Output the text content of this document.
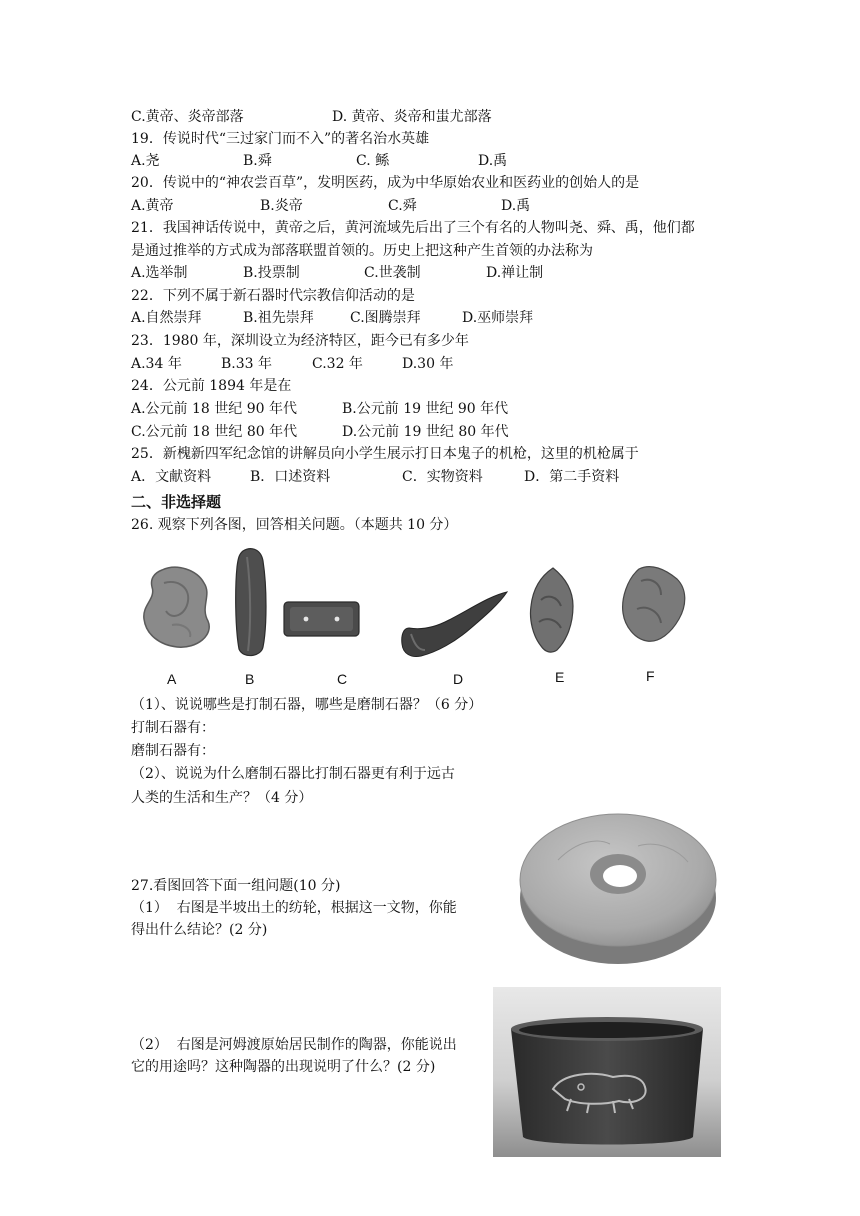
C.黄帝、炎帝部落	D. 黄帝、炎帝和蚩尤部落
19．传说时代“三过家门而不入”的著名治水英雄
A.尧	B.舜	C. 鲧	D.禹
20．传说中的“神农尝百草”，发明医药，成为中华原始农业和医药业的创始人的是
A.黄帝	B.炎帝	C.舜	D.禹
21．我国神话传说中，黄帝之后，黄河流域先后出了三个有名的人物叫尧、舜、禹，他们都
是通过推举的方式成为部落联盟首领的。历史上把这种产生首领的办法称为
A.选举制	B.投票制	C.世袭制	D.禅让制
22．下列不属于新石器时代宗教信仰活动的是
A.自然崇拜	B.祖先崇拜	C.图腾崇拜	D.巫师崇拜
23．1980 年，深圳设立为经济特区，距今已有多少年
A.34 年	B.33 年	C.32 年	D.30 年
24．公元前 1894 年是在
A.公元前 18 世纪 90 年代	B.公元前 19 世纪 90 年代
C.公元前 18 世纪 80 年代	D.公元前 19 世纪 80 年代
25．新槐新四军纪念馆的讲解员向小学生展示打日本鬼子的机枪，这里的机枪属于
A．文献资料	B．口述资料	C．实物资料	D．第二手资料
二、非选择题
26. 观察下列各图，回答相关问题。（本题共 10 分）
A	B	C	D	E	F
（1）、说说哪些是打制石器，哪些是磨制石器？（6 分）
打制石器有：
磨制石器有：
（2）、说说为什么磨制石器比打制石器更有利于远古
人类的生活和生产？（4 分）
27.看图回答下面一组问题(10 分)
（1）  右图是半坡出土的纺轮，根据这一文物，你能
得出什么结论？(2 分)
（2）  右图是河姆渡原始居民制作的陶器，你能说出
它的用途吗？这种陶器的出现说明了什么？(2 分)
